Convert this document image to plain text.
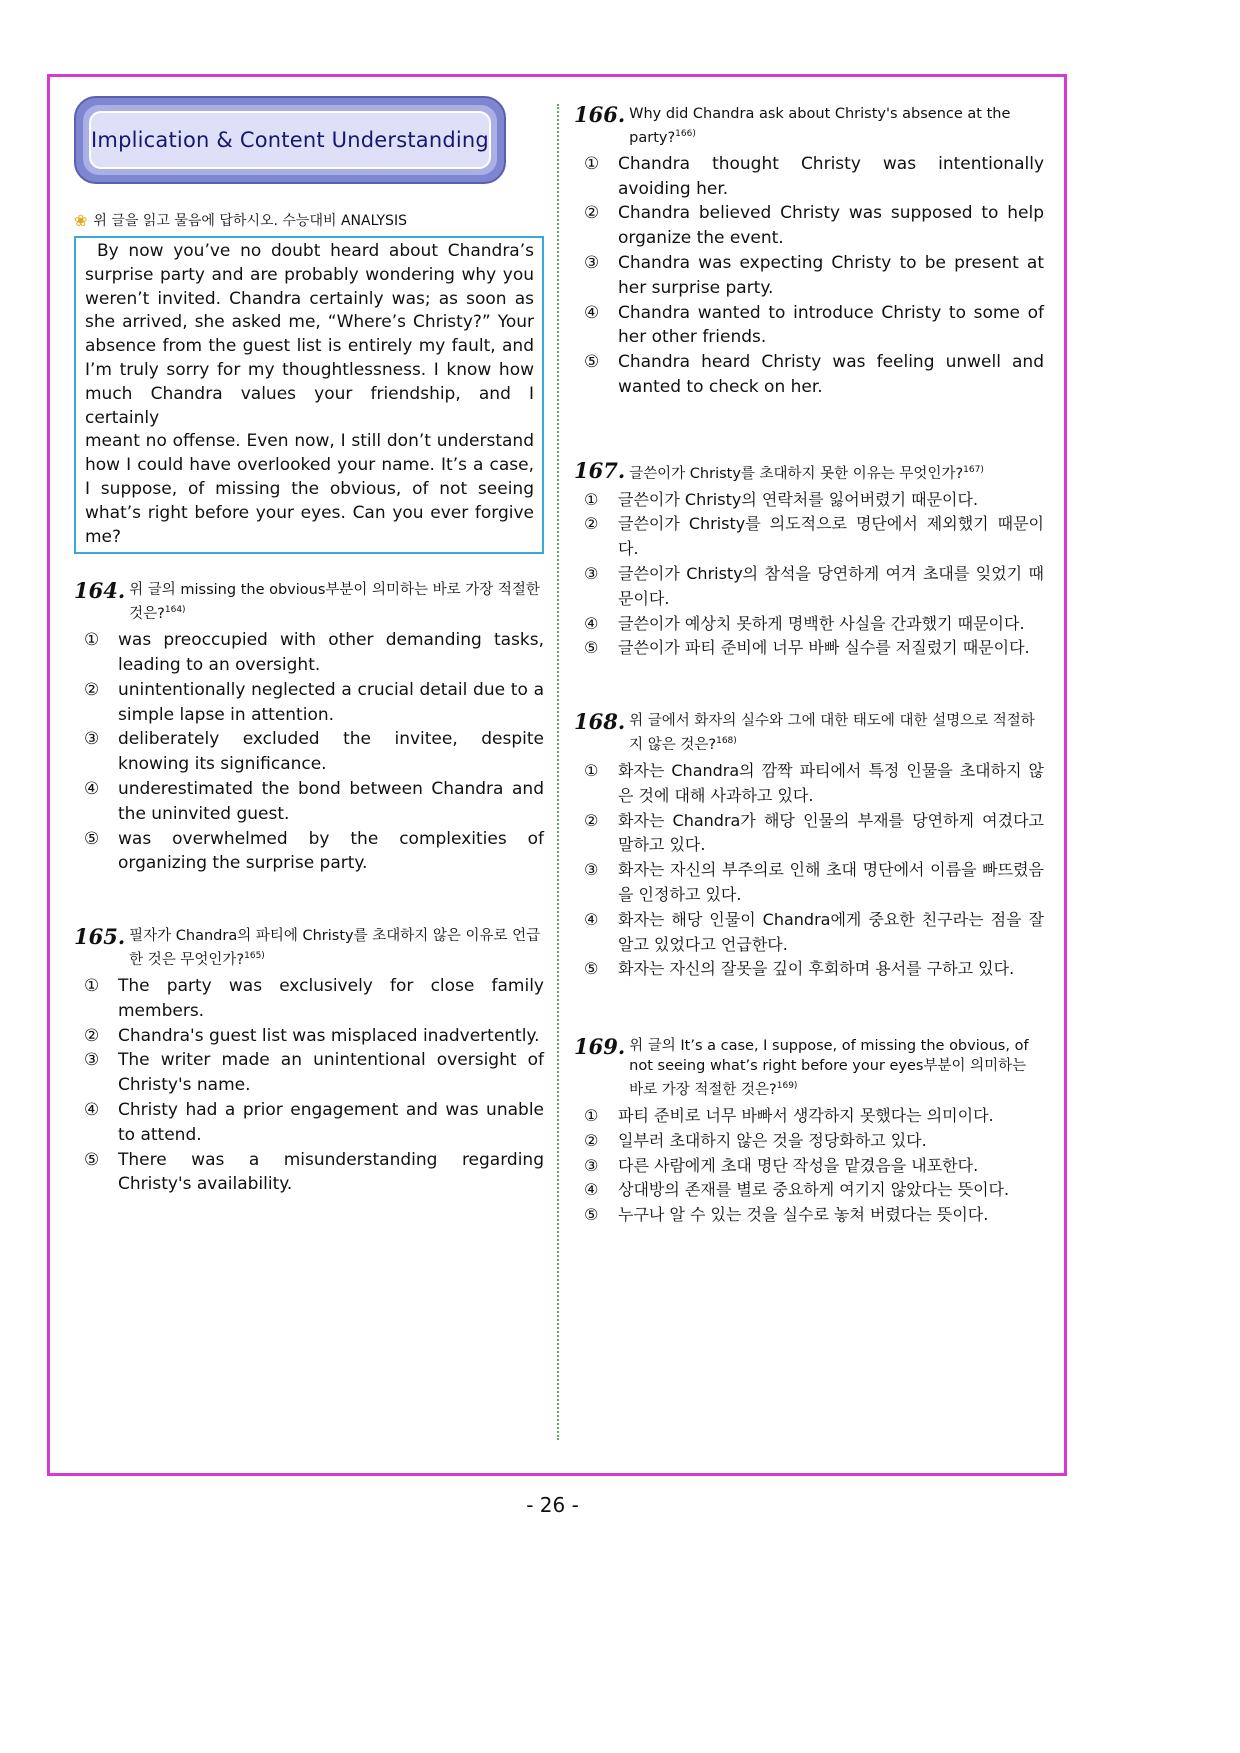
Implication & Content Understanding
❀ 위 글을 읽고 물음에 답하시오. 수능대비 ANALYSIS
By now you’ve no doubt heard about Chandra’s
surprise party and are probably wondering why you
weren’t invited. Chandra certainly was; as soon as
she arrived, she asked me, “Where’s Christy?” Your
absence from the guest list is entirely my fault, and
I’m truly sorry for my thoughtlessness. I know how
much Chandra values your friendship, and I certainly
meant no offense. Even now, I still don’t understand
how I could have overlooked your name. It’s a case,
I suppose, of missing the obvious, of not seeing
what’s right before your eyes. Can you ever forgive
me?
164. 위 글의 missing the obvious부분이 의미하는 바로 가장 적절한 것은?$^{164)}$
①	was preoccupied with other demanding tasks, leading to an oversight.
②	unintentionally neglected a crucial detail due to a simple lapse in attention.
③	deliberately excluded the invitee, despite knowing its significance.
④	underestimated the bond between Chandra and the uninvited guest.
⑤	was overwhelmed by the complexities of organizing the surprise party.
165. 필자가 Chandra의 파티에 Christy를 초대하지 않은 이유로 언급한 것은 무엇인가?$^{165)}$
①	The party was exclusively for close family members.
②	Chandra's guest list was misplaced inadvertently.
③	The writer made an unintentional oversight of Christy's name.
④	Christy had a prior engagement and was unable to attend.
⑤	There was a misunderstanding regarding Christy's availability.
166. Why did Chandra ask about Christy's absence at the party?$^{166)}$
①	Chandra thought Christy was intentionally avoiding her.
②	Chandra believed Christy was supposed to help organize the event.
③	Chandra was expecting Christy to be present at her surprise party.
④	Chandra wanted to introduce Christy to some of her other friends.
⑤	Chandra heard Christy was feeling unwell and wanted to check on her.
167. 글쓴이가 Christy를 초대하지 못한 이유는 무엇인가?$^{167)}$
①	글쓴이가 Christy의 연락처를 잃어버렸기 때문이다.
②	글쓴이가 Christy를 의도적으로 명단에서 제외했기 때문이다.
③	글쓴이가 Christy의 참석을 당연하게 여겨 초대를 잊었기 때문이다.
④	글쓴이가 예상치 못하게 명백한 사실을 간과했기 때문이다.
⑤	글쓴이가 파티 준비에 너무 바빠 실수를 저질렀기 때문이다.
168. 위 글에서 화자의 실수와 그에 대한 태도에 대한 설명으로 적절하지 않은 것은?$^{168)}$
①	화자는 Chandra의 깜짝 파티에서 특정 인물을 초대하지 않은 것에 대해 사과하고 있다.
②	화자는 Chandra가 해당 인물의 부재를 당연하게 여겼다고 말하고 있다.
③	화자는 자신의 부주의로 인해 초대 명단에서 이름을 빠뜨렸음을 인정하고 있다.
④	화자는 해당 인물이 Chandra에게 중요한 친구라는 점을 잘 알고 있었다고 언급한다.
⑤	화자는 자신의 잘못을 깊이 후회하며 용서를 구하고 있다.
169. 위 글의 It’s a case, I suppose, of missing the obvious, of not seeing what’s right before your eyes부분이 의미하는 바로 가장 적절한 것은?$^{169)}$
①	파티 준비로 너무 바빠서 생각하지 못했다는 의미이다.
②	일부러 초대하지 않은 것을 정당화하고 있다.
③	다른 사람에게 초대 명단 작성을 맡겼음을 내포한다.
④	상대방의 존재를 별로 중요하게 여기지 않았다는 뜻이다.
⑤	누구나 알 수 있는 것을 실수로 놓쳐 버렸다는 뜻이다.
- 26 -
